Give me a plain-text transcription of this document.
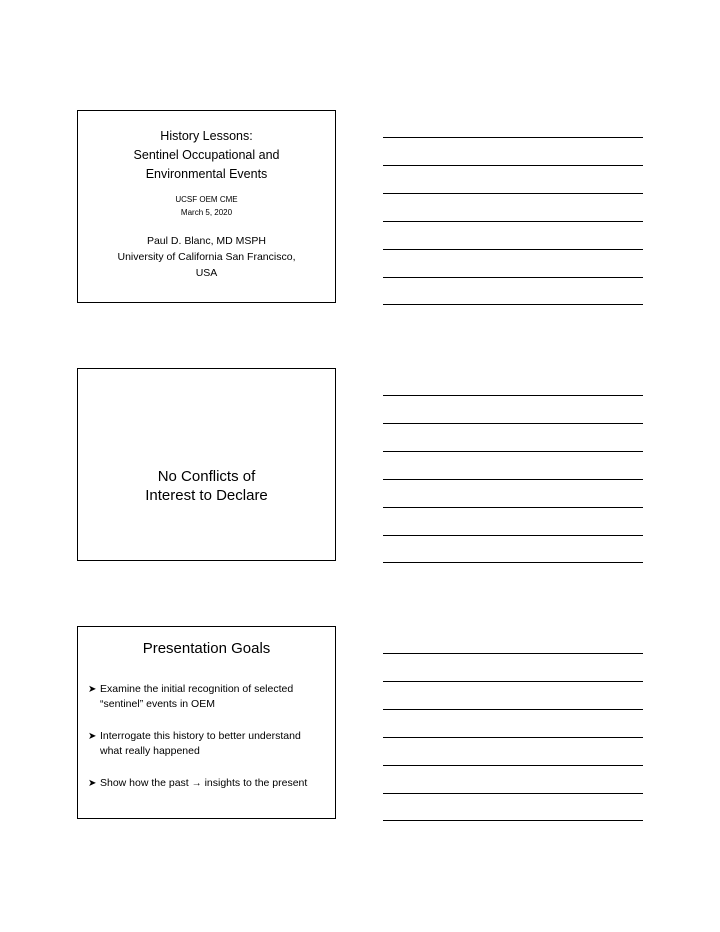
History Lessons:
Sentinel Occupational and
Environmental Events
UCSF OEM CME
March 5, 2020
Paul D. Blanc, MD MSPH
University of California San Francisco,
USA
No Conflicts of
Interest to Declare
Presentation Goals
➤ Examine the initial recognition of selected
“sentinel” events in OEM
➤ Interrogate this history to better understand
what really happened
➤ Show how the past → insights to the present
